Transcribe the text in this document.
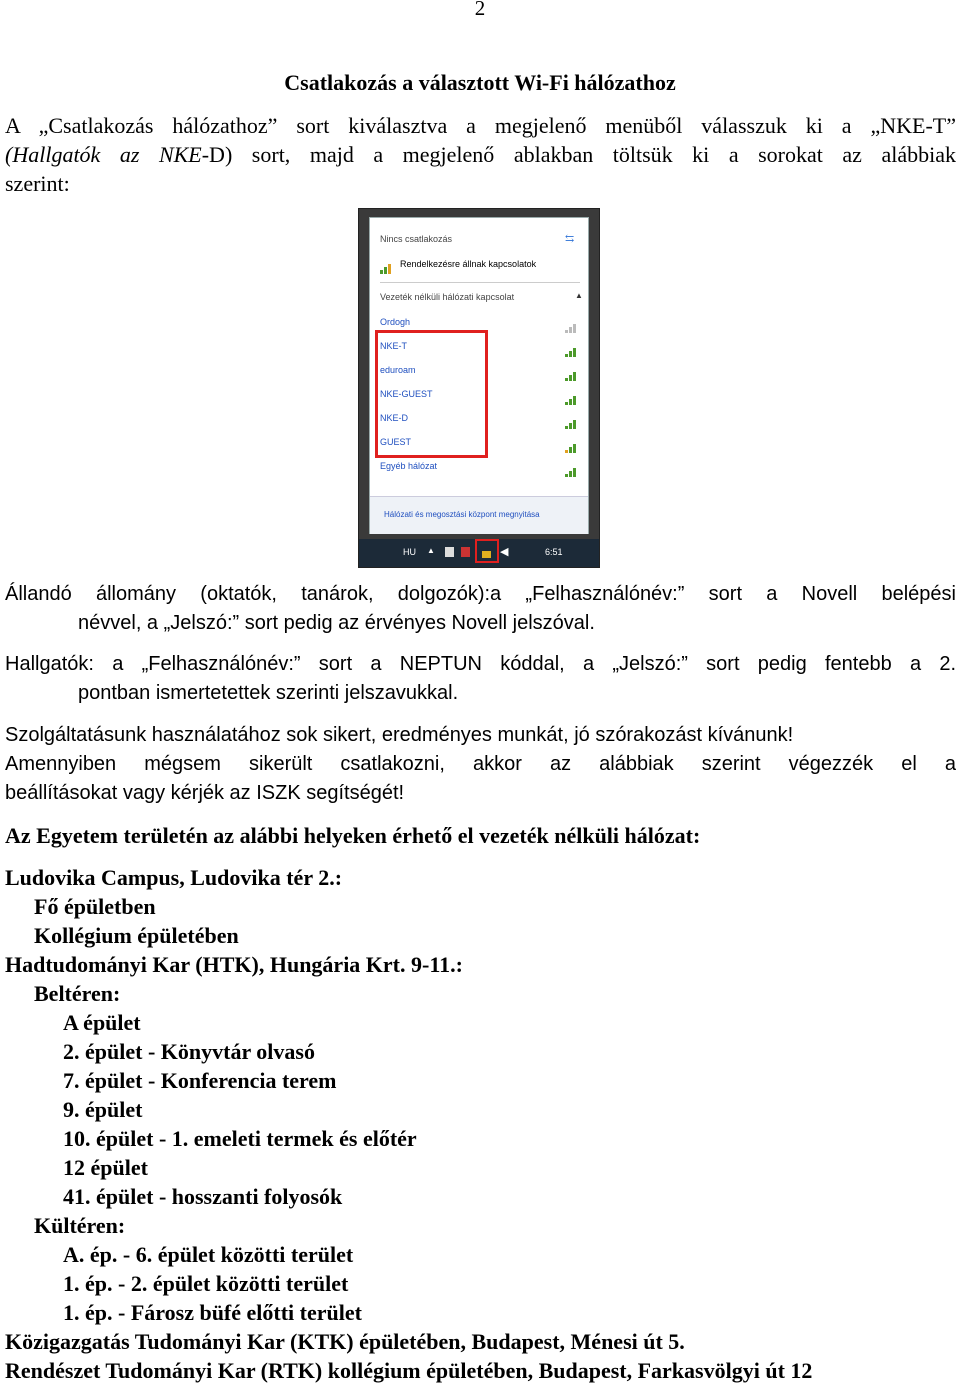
2
Csatlakozás a választott Wi-Fi hálózathoz
A „Csatlakozás hálózathoz” sort kiválasztva a megjelenő menüből válasszuk ki a „NKE-T”
(Hallgatók az NKE-D) sort, majd a megjelenő ablakban töltsük ki a sorokat az alábbiak
szerint:
Nincs csatlakozás	⇆
Rendelkezésre állnak kapcsolatok
Vezeték nélküli hálózati kapcsolat	▲
Ordogh
NKE-T
eduroam
NKE-GUEST
NKE-D
GUEST
Egyéb hálózat
Hálózati és megosztási központ megnyitása
HU ▲	◀	6:51
Állandó állomány (oktatók, tanárok, dolgozók):a „Felhasználónév:” sort a Novell belépési
névvel, a „Jelszó:” sort pedig az érvényes Novell jelszóval.
Hallgatók: a „Felhasználónév:” sort a NEPTUN kóddal, a „Jelszó:” sort pedig fentebb a 2.
pontban ismertetettek szerinti jelszavukkal.
Szolgáltatásunk használatához sok sikert, eredményes munkát, jó szórakozást kívánunk!
Amennyiben mégsem sikerült csatlakozni, akkor az alábbiak szerint végezzék el a
beállításokat vagy kérjék az ISZK segítségét!
Az Egyetem területén az alábbi helyeken érhető el vezeték nélküli hálózat:
Ludovika Campus, Ludovika tér 2.:
Fő épületben
Kollégium épületében
Hadtudományi Kar (HTK), Hungária Krt. 9-11.:
Beltéren:
A épület
2. épület - Könyvtár olvasó
7. épület - Konferencia terem
9. épület
10. épület - 1. emeleti termek és előtér
12 épület
41. épület - hosszanti folyosók
Kültéren:
A. ép. - 6. épület közötti terület
1. ép. - 2. épület közötti terület
1. ép. - Fárosz büfé előtti terület
Közigazgatás Tudományi Kar (KTK) épületében, Budapest, Ménesi út 5.
Rendészet Tudományi Kar (RTK) kollégium épületében, Budapest, Farkasvölgyi út 12
